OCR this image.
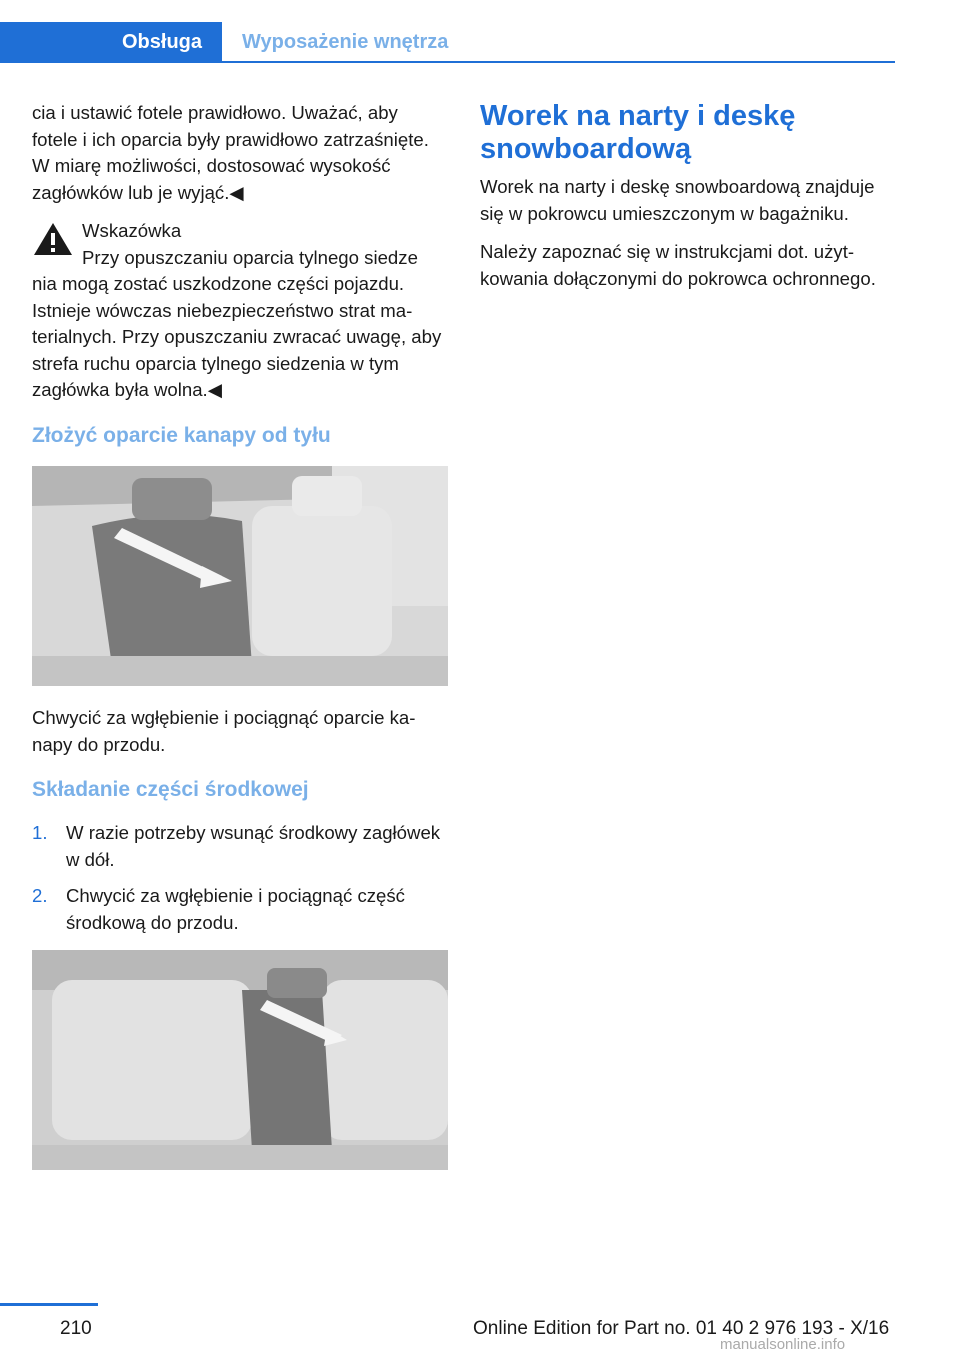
Obsługa	Wyposażenie wnętrza

cia i ustawić fotele prawidłowo. Uważać, aby fotele i ich oparcia były prawidłowo zatrzaśnięte. W miarę możliwości, dostosować wysokość zagłówków lub je wyjąć.◀

Wskazówka
Przy opuszczaniu oparcia tylnego siedze
nia mogą zostać uszkodzone części pojazdu. Istnieje wówczas niebezpieczeństwo strat materialnych. Przy opuszczaniu zwracać uwagę, aby strefa ruchu oparcia tylnego siedzenia w tym zagłówka była wolna.◀
Złożyć oparcie kanapy od tyłu

Chwycić za wgłębienie i pociągnąć oparcie kanapy do przodu.

Składanie części środkowej
1. W razie potrzeby wsunąć środkowy zagłówek w dół.
2. Chwycić za wgłębienie i pociągnąć część środkową do przodu.
Worek na narty i deskę snowboardową

Worek na narty i deskę snowboardową znajduje się w pokrowcu umieszczonym w bagażniku.

Należy zapoznać się w instrukcjami dot. użytkowania dołączonymi do pokrowca ochronnego.

210	Online Edition for Part no. 01 40 2 976 193 - X/16
manualsonline.info
